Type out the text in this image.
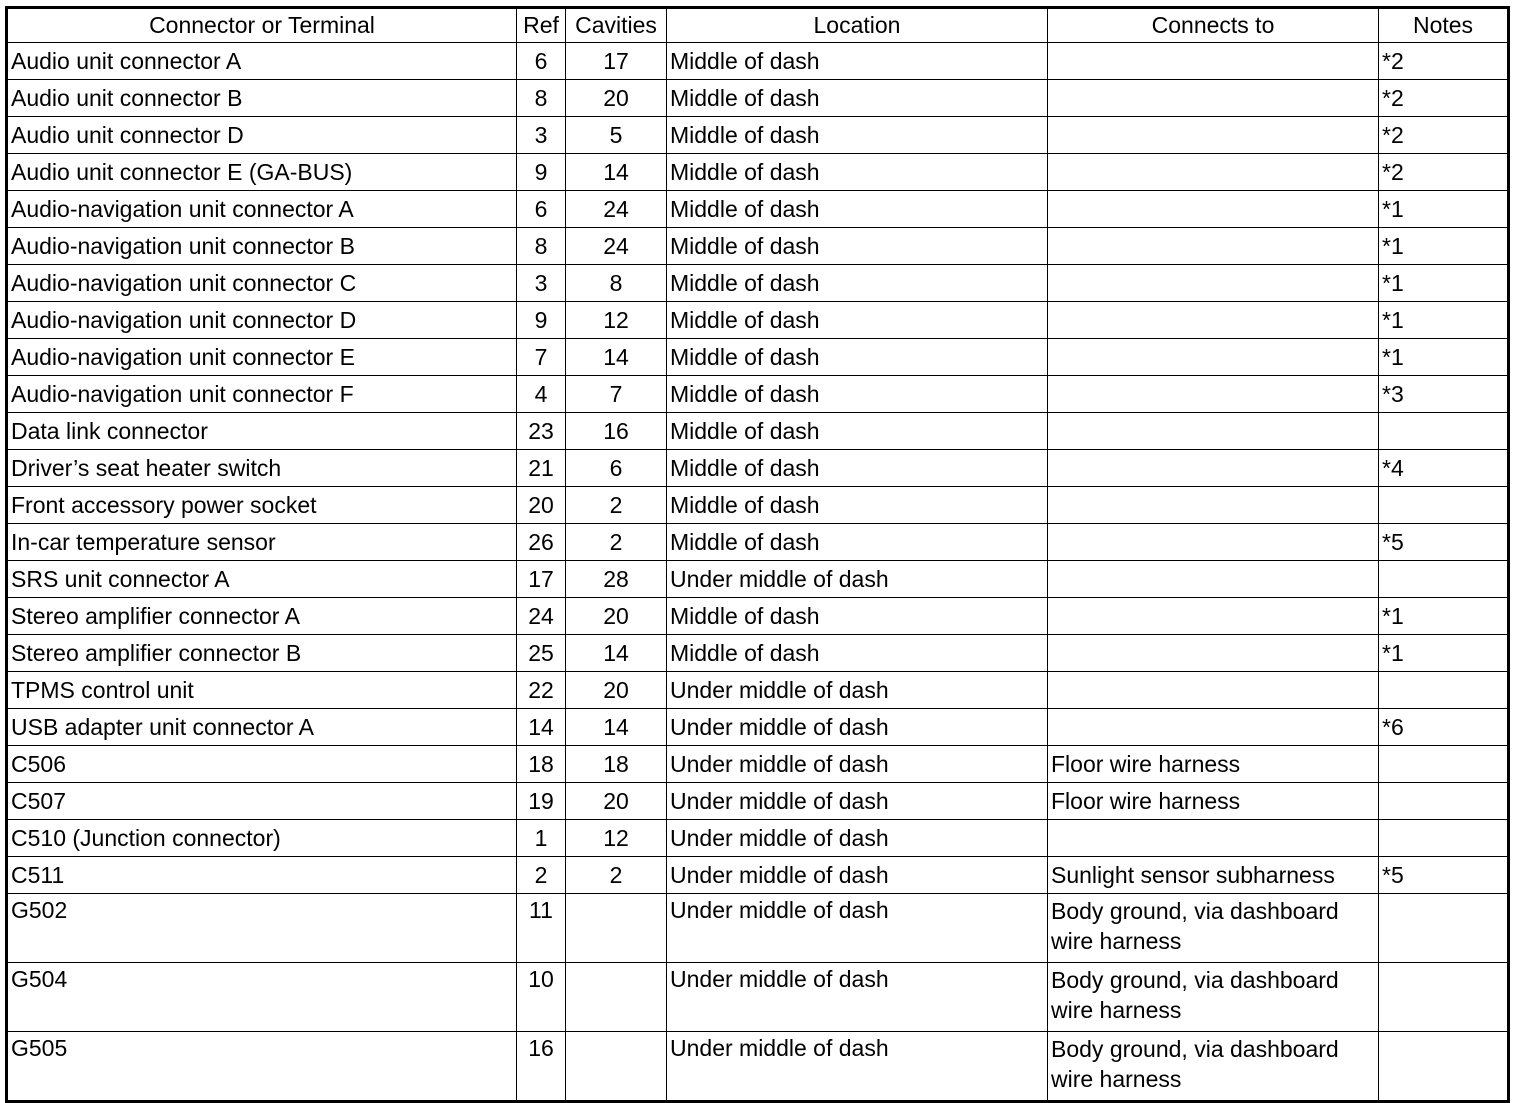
Connector or Terminal	Ref	Cavities	Location	Connects to	Notes
Audio unit connector A	6	17	Middle of dash		*2
Audio unit connector B	8	20	Middle of dash		*2
Audio unit connector D	3	5	Middle of dash		*2
Audio unit connector E (GA-BUS)	9	14	Middle of dash		*2
Audio-navigation unit connector A	6	24	Middle of dash		*1
Audio-navigation unit connector B	8	24	Middle of dash		*1
Audio-navigation unit connector C	3	8	Middle of dash		*1
Audio-navigation unit connector D	9	12	Middle of dash		*1
Audio-navigation unit connector E	7	14	Middle of dash		*1
Audio-navigation unit connector F	4	7	Middle of dash		*3
Data link connector	23	16	Middle of dash		
Driver’s seat heater switch	21	6	Middle of dash		*4
Front accessory power socket	20	2	Middle of dash		
In-car temperature sensor	26	2	Middle of dash		*5
SRS unit connector A	17	28	Under middle of dash		
Stereo amplifier connector A	24	20	Middle of dash		*1
Stereo amplifier connector B	25	14	Middle of dash		*1
TPMS control unit	22	20	Under middle of dash		
USB adapter unit connector A	14	14	Under middle of dash		*6
C506	18	18	Under middle of dash	Floor wire harness	
C507	19	20	Under middle of dash	Floor wire harness	
C510 (Junction connector)	1	12	Under middle of dash		
C511	2	2	Under middle of dash	Sunlight sensor subharness	*5
G502	11		Under middle of dash	Body ground, via dashboard wire harness	
G504	10		Under middle of dash	Body ground, via dashboard wire harness	
G505	16		Under middle of dash	Body ground, via dashboard wire harness	
